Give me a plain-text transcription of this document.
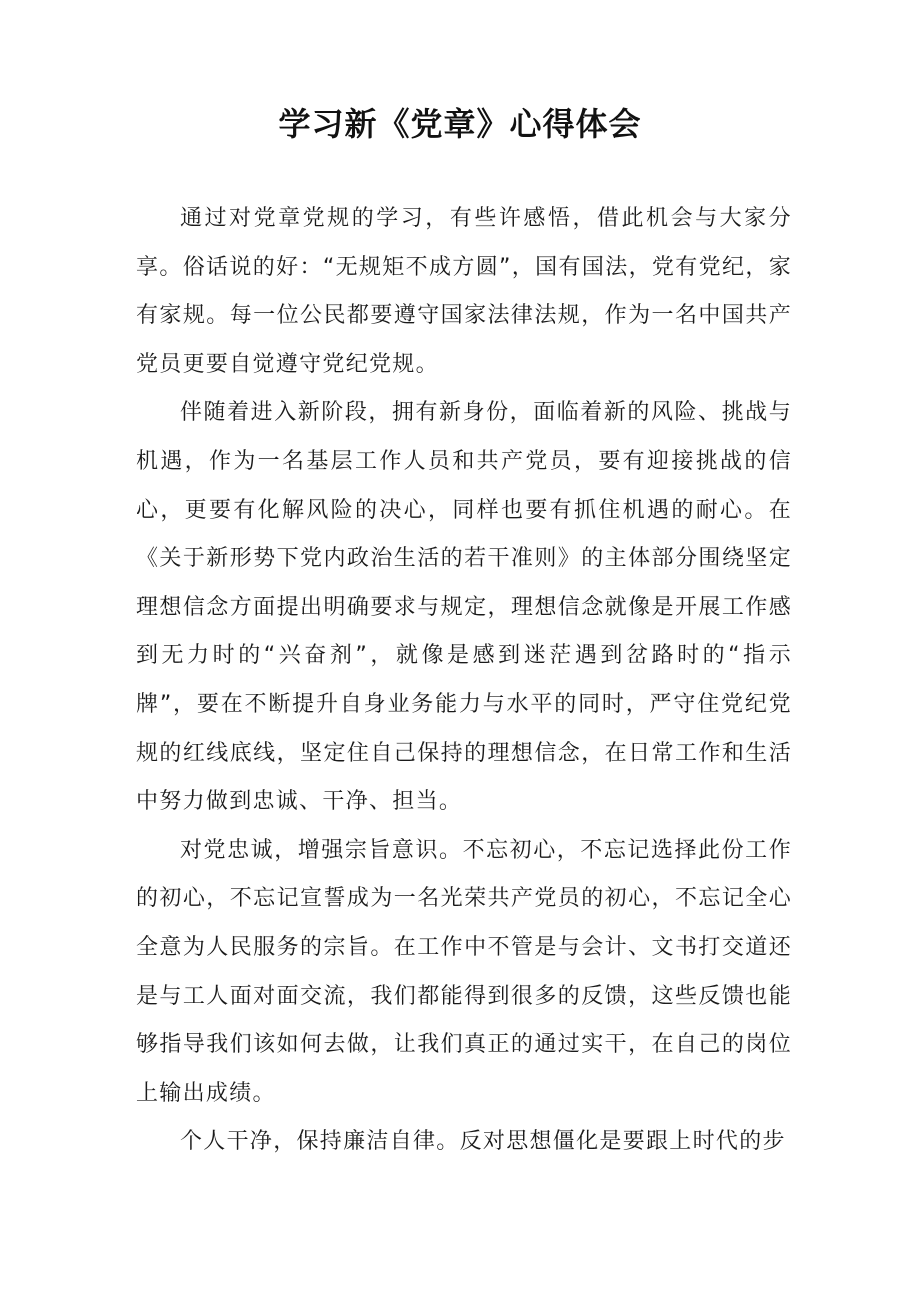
学习新《党章》心得体会

通过对党章党规的学习，有些许感悟，借此机会与大家分享。俗话说的好：“无规矩不成方圆”，国有国法，党有党纪，家有家规。每一位公民都要遵守国家法律法规，作为一名中国共产党员更要自觉遵守党纪党规。

伴随着进入新阶段，拥有新身份，面临着新的风险、挑战与机遇，作为一名基层工作人员和共产党员，要有迎接挑战的信心，更要有化解风险的决心，同样也要有抓住机遇的耐心。在《关于新形势下党内政治生活的若干准则》的主体部分围绕坚定理想信念方面提出明确要求与规定，理想信念就像是开展工作感到无力时的“兴奋剂”，就像是感到迷茫遇到岔路时的“指示牌”，要在不断提升自身业务能力与水平的同时，严守住党纪党规的红线底线，坚定住自己保持的理想信念，在日常工作和生活中努力做到忠诚、干净、担当。

对党忠诚，增强宗旨意识。不忘初心，不忘记选择此份工作的初心，不忘记宣誓成为一名光荣共产党员的初心，不忘记全心全意为人民服务的宗旨。在工作中不管是与会计、文书打交道还是与工人面对面交流，我们都能得到很多的反馈，这些反馈也能够指导我们该如何去做，让我们真正的通过实干，在自己的岗位上输出成绩。

个人干净，保持廉洁自律。反对思想僵化是要跟上时代的步
